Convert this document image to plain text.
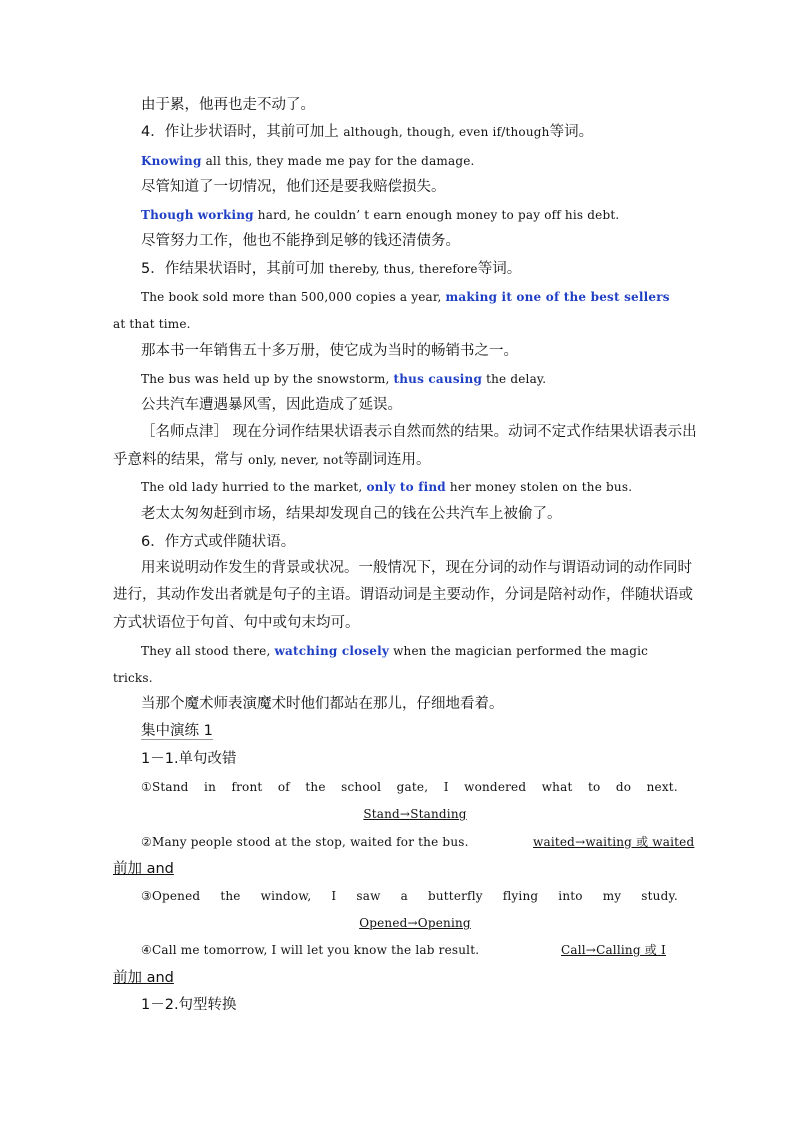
由于累，他再也走不动了。
4．作让步状语时，其前可加上 although, though, even if/though等词。
Knowing all this, they made me pay for the damage.
尽管知道了一切情况，他们还是要我赔偿损失。
Though working hard, he couldn’ t earn enough money to pay off his debt.
尽管努力工作，他也不能挣到足够的钱还清债务。
5．作结果状语时，其前可加 thereby, thus, therefore等词。
The book sold more than 500,000 copies a year, making it one of the best sellers
at that time.
那本书一年销售五十多万册，使它成为当时的畅销书之一。
The bus was held up by the snowstorm, thus causing the delay.
公共汽车遭遇暴风雪，因此造成了延误。
［名师点津］ 现在分词作结果状语表示自然而然的结果。动词不定式作结果状语表示出
乎意料的结果，常与 only, never, not等副词连用。
The old lady hurried to the market, only to find her money stolen on the bus.
老太太匆匆赶到市场，结果却发现自己的钱在公共汽车上被偷了。
6．作方式或伴随状语。
用来说明动作发生的背景或状况。一般情况下，现在分词的动作与谓语动词的动作同时
进行，其动作发出者就是句子的主语。谓语动词是主要动作，分词是陪衬动作，伴随状语或
方式状语位于句首、句中或句末均可。
They all stood there, watching closely when the magician performed the magic
tricks.
当那个魔术师表演魔术时他们都站在那儿，仔细地看着。
集中演练 1
1－1.单句改错
①Stand in front of the school gate, I wondered what to do next.
Stand→Standing
②Many people stood at the stop, waited for the bus.	waited→waiting 或 waited
前加 and
③Opened the window, I saw a butterfly flying into my study.
Opened→Opening
④Call me tomorrow, I will let you know the lab result.	Call→Calling 或 I
前加 and
1－2.句型转换
